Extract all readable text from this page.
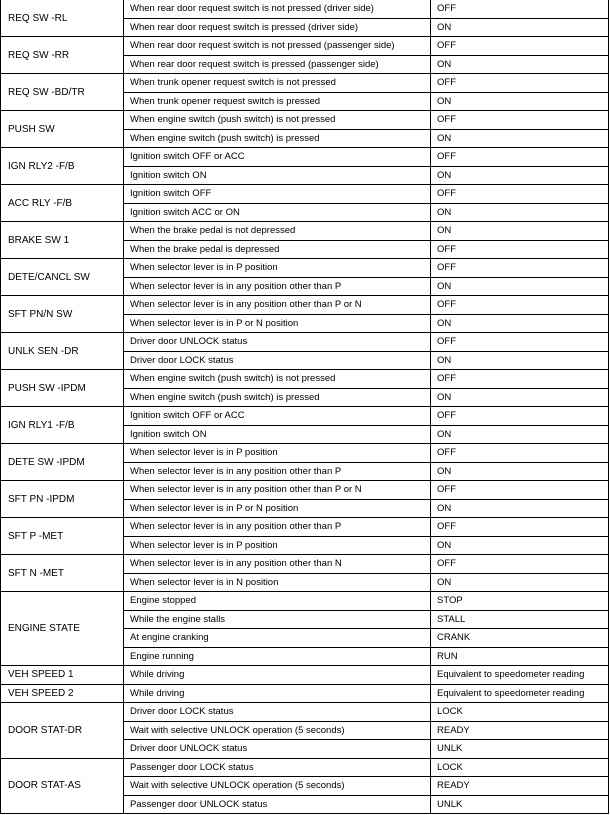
REQ SW -RL	When rear door request switch is not pressed (driver side)	OFF
	When rear door request switch is pressed (driver side)	ON
REQ SW -RR	When rear door request switch is not pressed (passenger side)	OFF
	When rear door request switch is pressed (passenger side)	ON
REQ SW -BD/TR	When trunk opener request switch is not pressed	OFF
	When trunk opener request switch is pressed	ON
PUSH SW	When engine switch (push switch) is not pressed	OFF
	When engine switch (push switch) is pressed	ON
IGN RLY2 -F/B	Ignition switch OFF or ACC	OFF
	Ignition switch ON	ON
ACC RLY -F/B	Ignition switch OFF	OFF
	Ignition switch ACC or ON	ON
BRAKE SW 1	When the brake pedal is not depressed	ON
	When the brake pedal is depressed	OFF
DETE/CANCL SW	When selector lever is in P position	OFF
	When selector lever is in any position other than P	ON
SFT PN/N SW	When selector lever is in any position other than P or N	OFF
	When selector lever is in P or N position	ON
UNLK SEN -DR	Driver door UNLOCK status	OFF
	Driver door LOCK status	ON
PUSH SW -IPDM	When engine switch (push switch) is not pressed	OFF
	When engine switch (push switch) is pressed	ON
IGN RLY1 -F/B	Ignition switch OFF or ACC	OFF
	Ignition switch ON	ON
DETE SW -IPDM	When selector lever is in P position	OFF
	When selector lever is in any position other than P	ON
SFT PN -IPDM	When selector lever is in any position other than P or N	OFF
	When selector lever is in P or N position	ON
SFT P -MET	When selector lever is in any position other than P	OFF
	When selector lever is in P position	ON
SFT N -MET	When selector lever is in any position other than N	OFF
	When selector lever is in N position	ON
ENGINE STATE	Engine stopped	STOP
	While the engine stalls	STALL
	At engine cranking	CRANK
	Engine running	RUN
VEH SPEED 1	While driving	Equivalent to speedometer reading
VEH SPEED 2	While driving	Equivalent to speedometer reading
DOOR STAT-DR	Driver door LOCK status	LOCK
	Wait with selective UNLOCK operation (5 seconds)	READY
	Driver door UNLOCK status	UNLK
DOOR STAT-AS	Passenger door LOCK status	LOCK
	Wait with selective UNLOCK operation (5 seconds)	READY
	Passenger door UNLOCK status	UNLK
